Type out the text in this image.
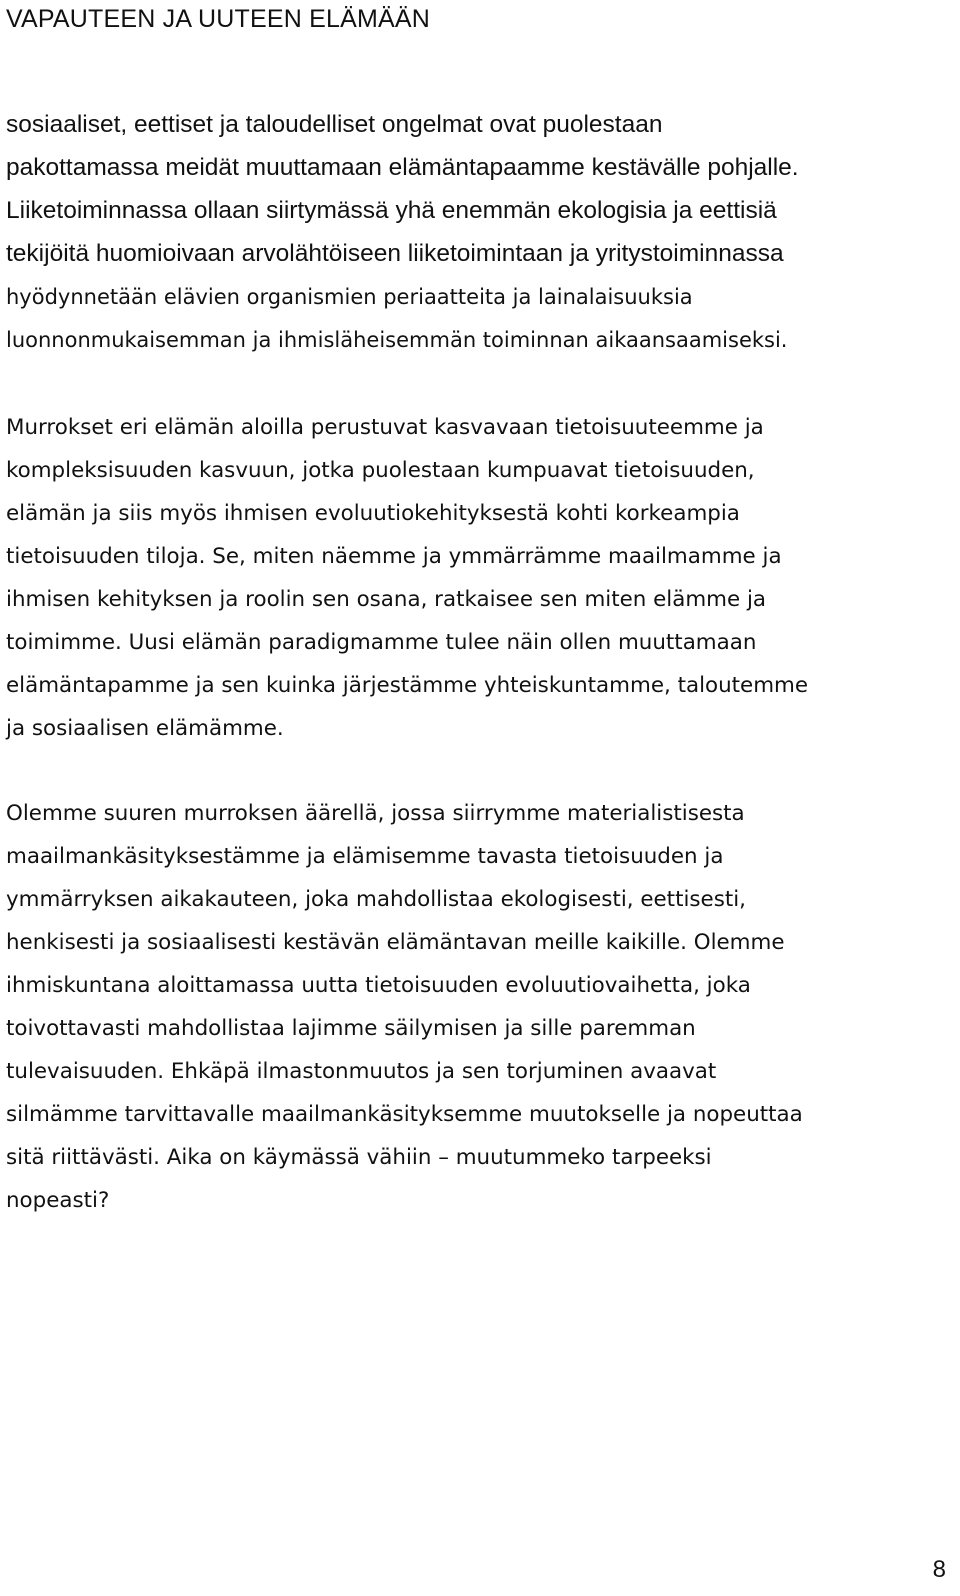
VAPAUTEEN JA UUTEEN ELÄMÄÄN
sosiaaliset, eettiset ja taloudelliset ongelmat ovat puolestaan
pakottamassa meidät muuttamaan elämäntapaamme kestävälle pohjalle.
Liiketoiminnassa ollaan siirtymässä yhä enemmän ekologisia ja eettisiä
tekijöitä huomioivaan arvolähtöiseen liiketoimintaan ja yritystoiminnassa
hyödynnetään elävien organismien periaatteita ja lainalaisuuksia
luonnonmukaisemman ja ihmisläheisemmän toiminnan aikaansaamiseksi.
Murrokset eri elämän aloilla perustuvat kasvavaan tietoisuuteemme ja
kompleksisuuden kasvuun, jotka puolestaan kumpuavat tietoisuuden,
elämän ja siis myös ihmisen evoluutiokehityksestä kohti korkeampia
tietoisuuden tiloja. Se, miten näemme ja ymmärrämme maailmamme ja
ihmisen kehityksen ja roolin sen osana, ratkaisee sen miten elämme ja
toimimme. Uusi elämän paradigmamme tulee näin ollen muuttamaan
elämäntapamme ja sen kuinka järjestämme yhteiskuntamme, taloutemme
ja sosiaalisen elämämme.
Olemme suuren murroksen äärellä, jossa siirrymme materialistisesta
maailmankäsityksestämme ja elämisemme tavasta tietoisuuden ja
ymmärryksen aikakauteen, joka mahdollistaa ekologisesti, eettisesti,
henkisesti ja sosiaalisesti kestävän elämäntavan meille kaikille. Olemme
ihmiskuntana aloittamassa uutta tietoisuuden evoluutiovaihetta, joka
toivottavasti mahdollistaa lajimme säilymisen ja sille paremman
tulevaisuuden. Ehkäpä ilmastonmuutos ja sen torjuminen avaavat
silmämme tarvittavalle maailmankäsityksemme muutokselle ja nopeuttaa
sitä riittävästi. Aika on käymässä vähiin – muutummeko tarpeeksi
nopeasti?
8
